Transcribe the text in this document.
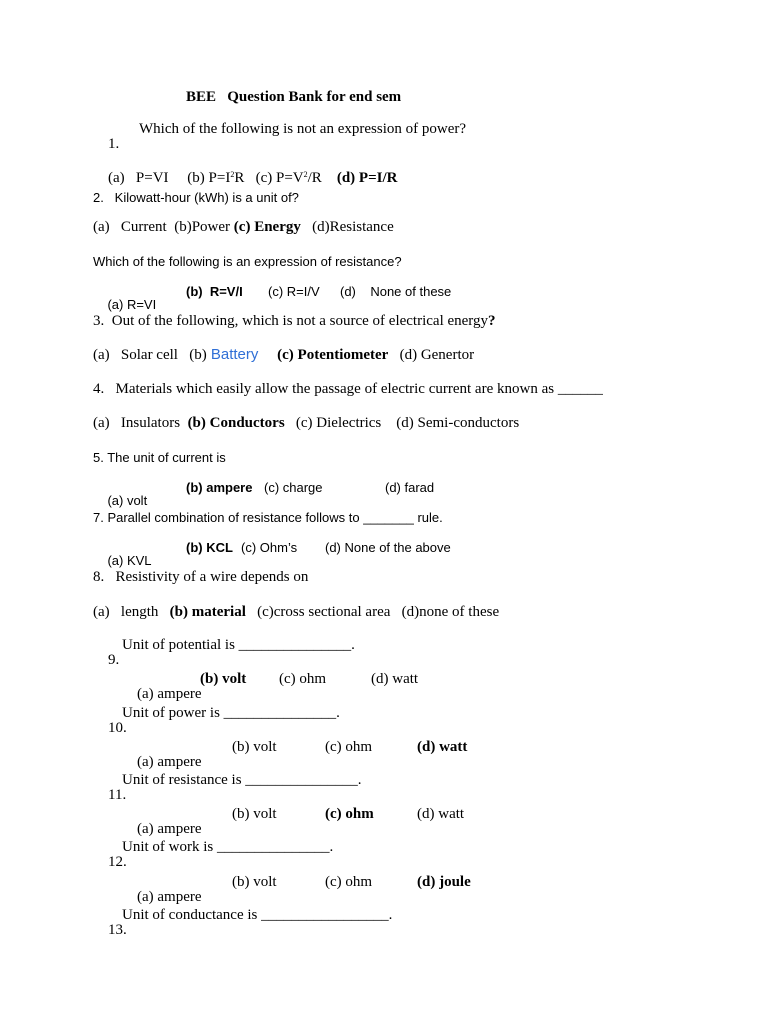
BEE   Question Bank for end sem

1.

Which of the following is not an expression of power?

(a)   P=VI (b) $P=I^2R$ (c) $P=V^2/R$ (d) P=I/R

2.   Kilowatt-hour (kWh) is a unit of?
(a)   Current  (b)Power (c) Energy   (d)Resistance
Which of the following is an expression of resistance?

(a) R=VI

(b)  R=V/I

(c) R=I/V

(d)    None of these

3.  Out of the following, which is not a source of electrical energy?
(a)   Solar cell   (b) Battery (c) Potentiometer   (d) Genertor
4.   Materials which easily allow the passage of electric current are known as ______
(a)   Insulators  (b) Conductors   (c) Dielectrics    (d) Semi-conductors
5. The unit of current is

(a) volt

(b) ampere

(c) charge

	(d) farad

7. Parallel combination of resistance follows to _______ rule.

(a) KVL

(b) KCL

(c) Ohm’s

(d) None of the above

8.   Resistivity of a wire depends on
(a)   length   (b) material   (c)cross sectional area   (d)none of these

9.

Unit of potential is _______________.

(a) ampere

(b) volt

(c) ohm

	(d) watt

10.

Unit of power is _______________.

(a) ampere

(b) volt

	(c) ohm

	(d) watt

11.

Unit of resistance is _______________.

(a) ampere

(b) volt

	(c) ohm

	(d) watt

12.

Unit of work is _______________.

(a) ampere

(b) volt

	(c) ohm

	(d) joule

13.

Unit of conductance is _________________.
